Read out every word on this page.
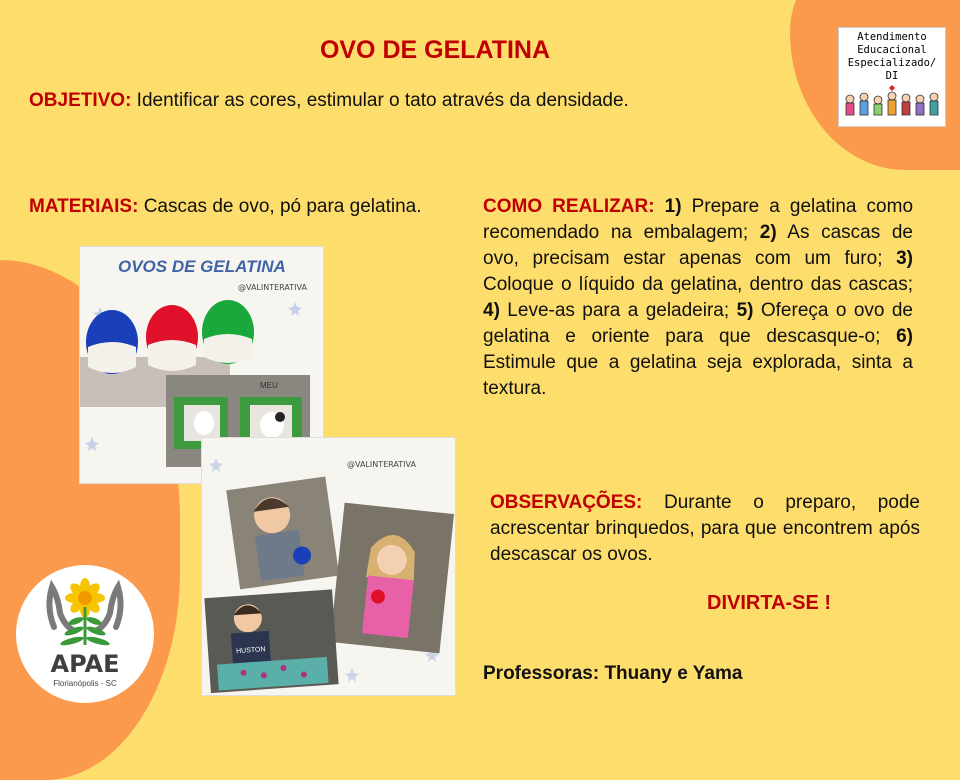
OVO DE GELATINA
OBJETIVO: Identificar as cores, estimular o tato através da densidade.
MATERIAIS: Cascas de ovo, pó para gelatina.	COMO REALIZAR: 1) Prepare a gelatina como recomendado na embalagem; 2) As cascas de ovo, precisam estar apenas com um furo; 3) Coloque o líquido da gelatina, dentro das cascas; 4) Leve-as para a geladeira; 5) Ofereça o ovo de gelatina e oriente para que descasque-o; 6) Estimule que a gelatina seja explorada, sinta a textura.
OBSERVAÇÕES: Durante o preparo, pode acrescentar brinquedos, para que encontrem após descascar os ovos.
DIVIRTA-SE !
Professoras: Thuany e Yama
Atendimento
Educacional
Especializado/ DI
OVOS DE GELATINA
@VALINTERATIVA
MEU
@VALINTERATIVA
HUSTON
APAE
Florianópolis - SC
